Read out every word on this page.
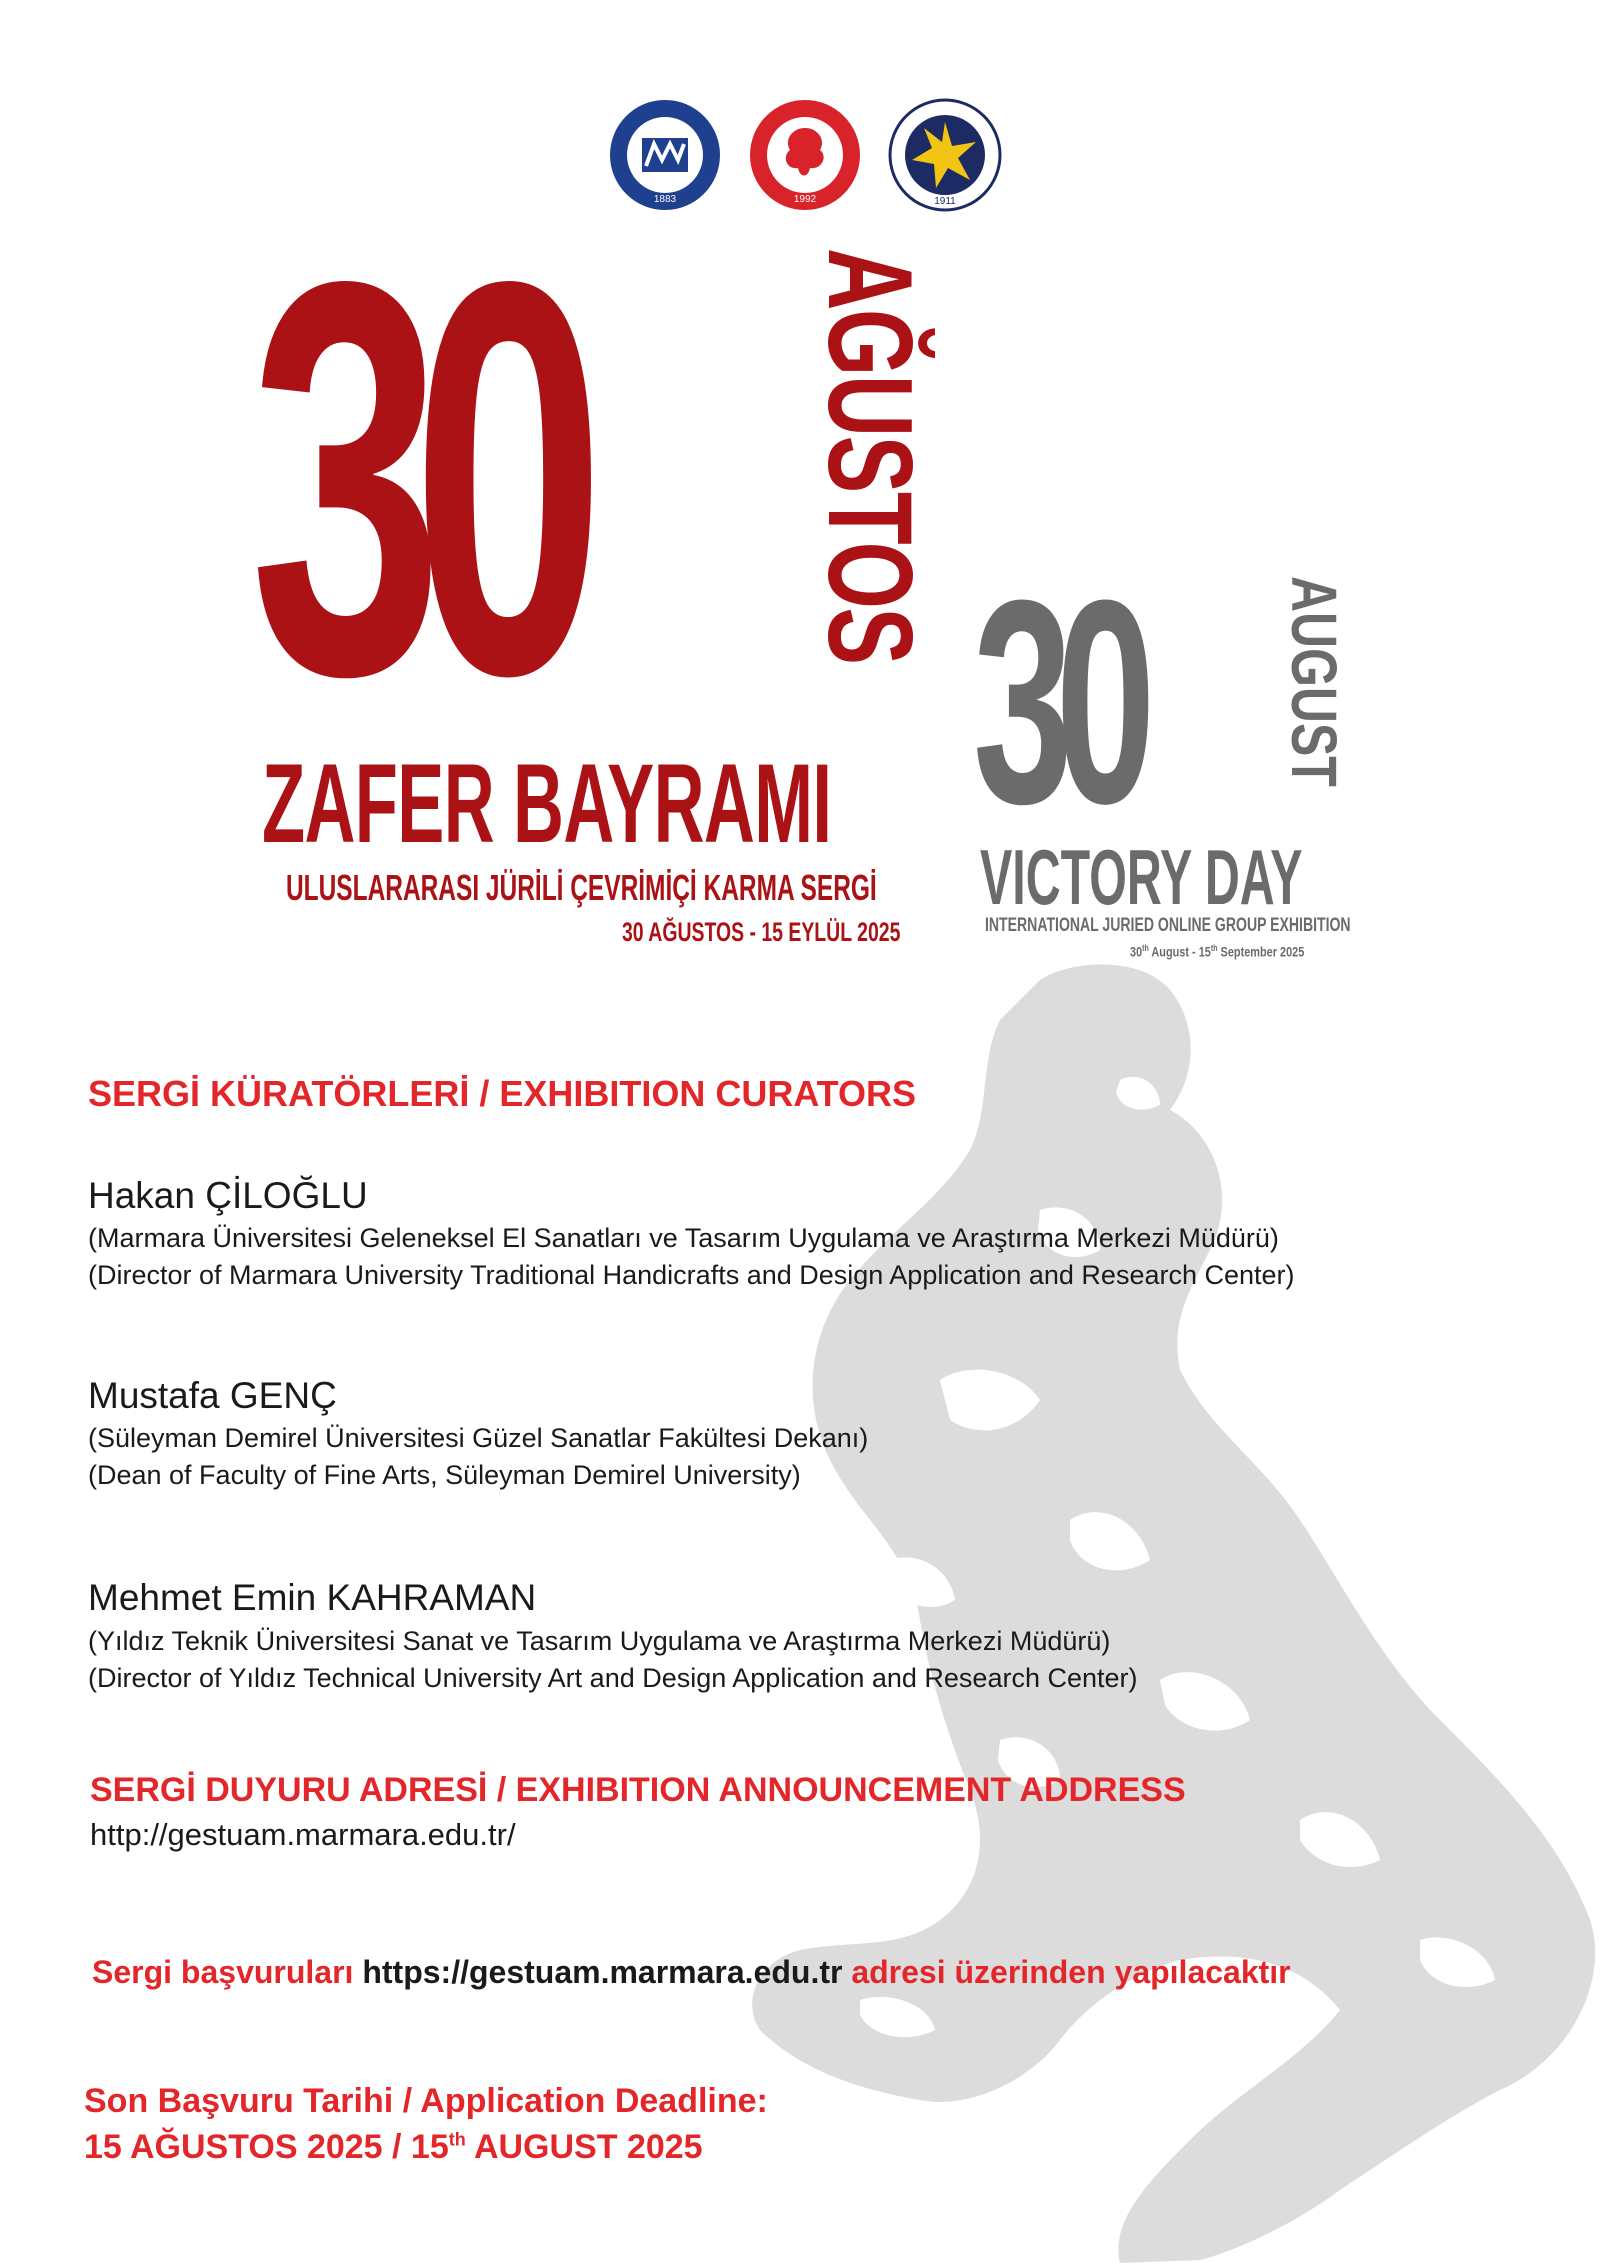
1883	1992	1911
30 AĞUSTOS
ZAFER BAYRAMI
ULUSLARARASI JÜRİLİ ÇEVRİMİÇİ KARMA SERGİ
30 AĞUSTOS - 15 EYLÜL 2025
30 AUGUST
VICTORY DAY
INTERNATIONAL JURIED ONLINE GROUP EXHIBITION
30th August - 15th September 2025
SERGİ KÜRATÖRLERİ / EXHIBITION CURATORS
Hakan ÇİLOĞLU
(Marmara Üniversitesi Geleneksel El Sanatları ve Tasarım Uygulama ve Araştırma Merkezi Müdürü)
(Director of Marmara University Traditional Handicrafts and Design Application and Research Center)
Mustafa GENÇ
(Süleyman Demirel Üniversitesi Güzel Sanatlar Fakültesi Dekanı)
(Dean of Faculty of Fine Arts, Süleyman Demirel University)
Mehmet Emin KAHRAMAN
(Yıldız Teknik Üniversitesi Sanat ve Tasarım Uygulama ve Araştırma Merkezi Müdürü)
(Director of Yıldız Technical University Art and Design Application and Research Center)
SERGİ DUYURU ADRESİ / EXHIBITION ANNOUNCEMENT ADDRESS
http://gestuam.marmara.edu.tr/
Sergi başvuruları https://gestuam.marmara.edu.tr adresi üzerinden yapılacaktır
Son Başvuru Tarihi / Application Deadline:
15 AĞUSTOS 2025 / 15th AUGUST 2025
